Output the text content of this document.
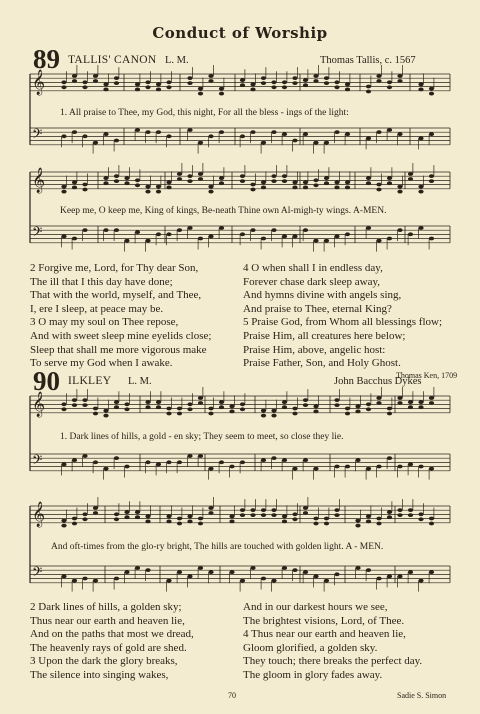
Conduct of Worship
𝄞
𝄢
𝄞
𝄢
𝄞
𝄢
𝄞
𝄢
89 TALLIS' CANON L. M.	Thomas Tallis, c. 1567
1. All praise to Thee, my God, this night, For all the bless - ings of the light:
Keep me, O keep me, King of kings, Be-neath Thine own Al-migh-ty wings. A-MEN.
2 Forgive me, Lord, for Thy dear Son,
The ill that I this day have done;
That with the world, myself, and Thee,
I, ere I sleep, at peace may be.
3 O may my soul on Thee repose,
And with sweet sleep mine eyelids close;
Sleep that shall me more vigorous make
To serve my God when I awake.
4 O when shall I in endless day,
Forever chase dark sleep away,
And hymns divine with angels sing,
And praise to Thee, eternal King?
5 Praise God, from Whom all blessings flow;
Praise Him, all creatures here below;
Praise Him, above, angelic host:
Praise Father, Son, and Holy Ghost.
Thomas Ken, 1709
90 ILKLEY L. M.	John Bacchus Dykes
1. Dark lines of hills, a gold - en sky; They seem to meet, so close they lie.
And oft-times from the glo-ry bright, The hills are touched with golden light. A - MEN.
2 Dark lines of hills, a golden sky;
Thus near our earth and heaven lie,
And on the paths that most we dread,
The heavenly rays of gold are shed.
3 Upon the dark the glory breaks,
The silence into singing wakes,
And in our darkest hours we see,
The brightest visions, Lord, of Thee.
4 Thus near our earth and heaven lie,
Gloom glorified, a golden sky.
They touch; there breaks the perfect day.
The gloom in glory fades away.
70	Sadie S. Simon
